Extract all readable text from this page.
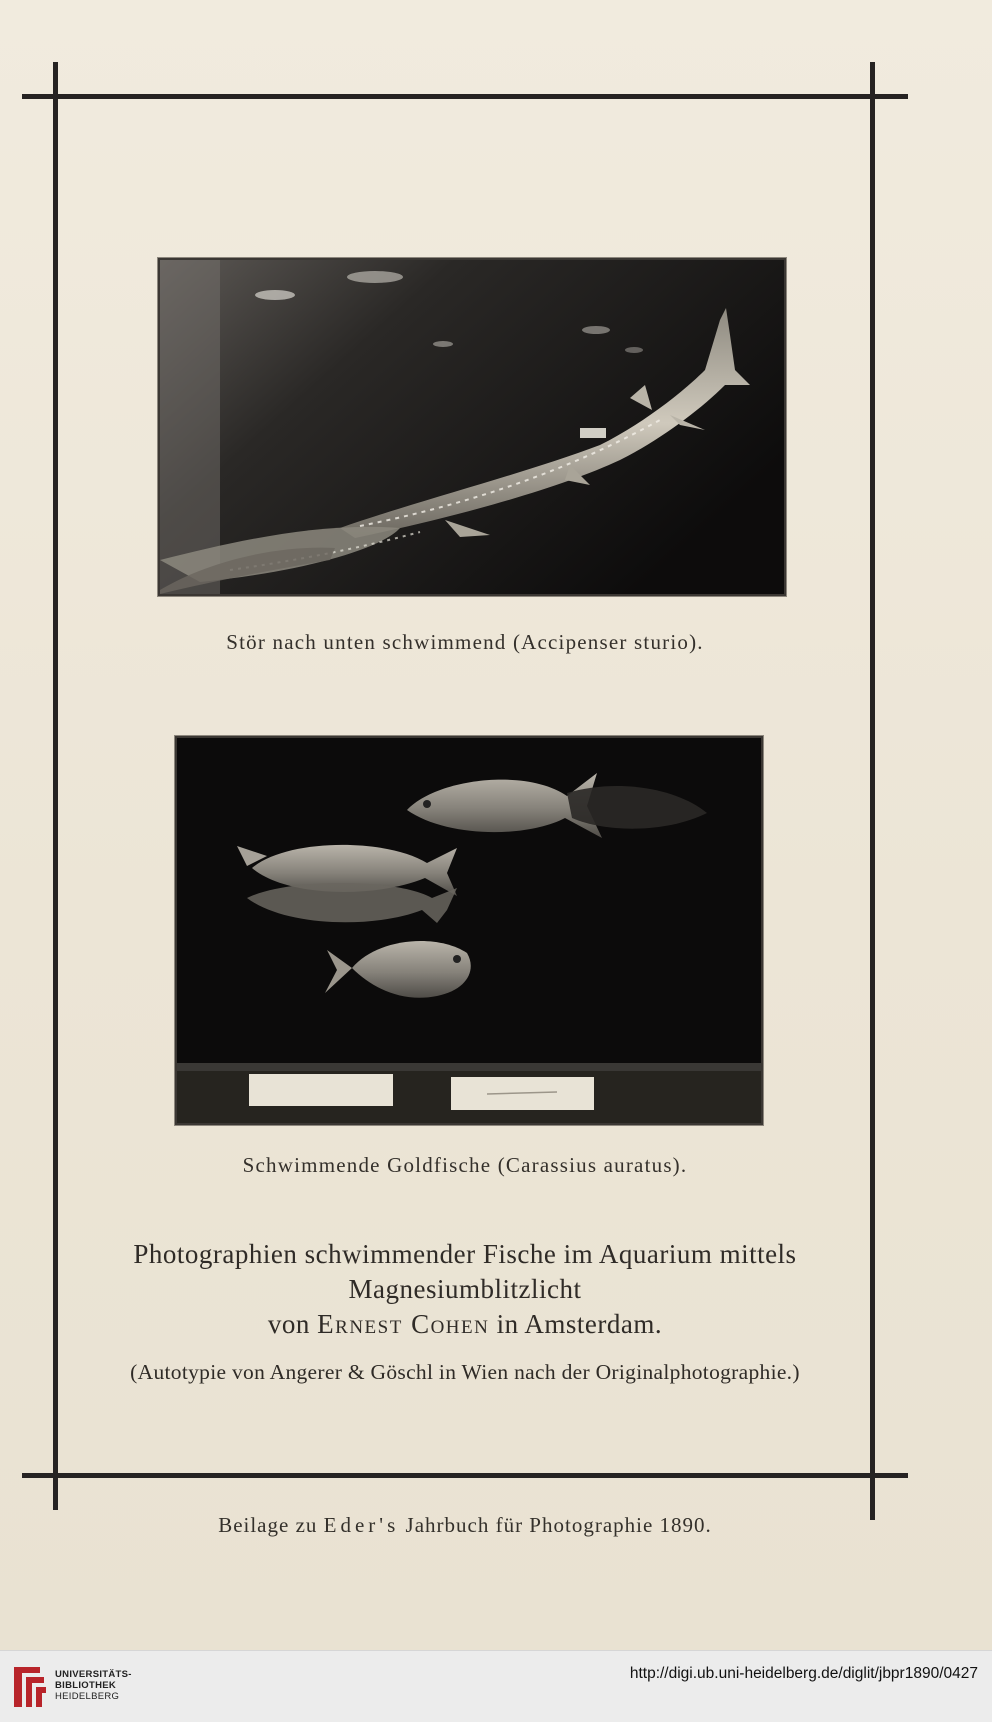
Stör nach unten schwimmend (Accipenser sturio).
Schwimmende Goldfische (Carassius auratus).
Photographien schwimmender Fische im Aquarium mittels
Magnesiumblitzlicht
von Ernest Cohen in Amsterdam.
(Autotypie von Angerer & Göschl in Wien nach der Originalphotographie.)
Beilage zu Eder's Jahrbuch für Photographie 1890.
UNIVERSITÄTS-
BIBLIOTHEK
HEIDELBERG
http://digi.ub.uni-heidelberg.de/diglit/jbpr1890/0427
